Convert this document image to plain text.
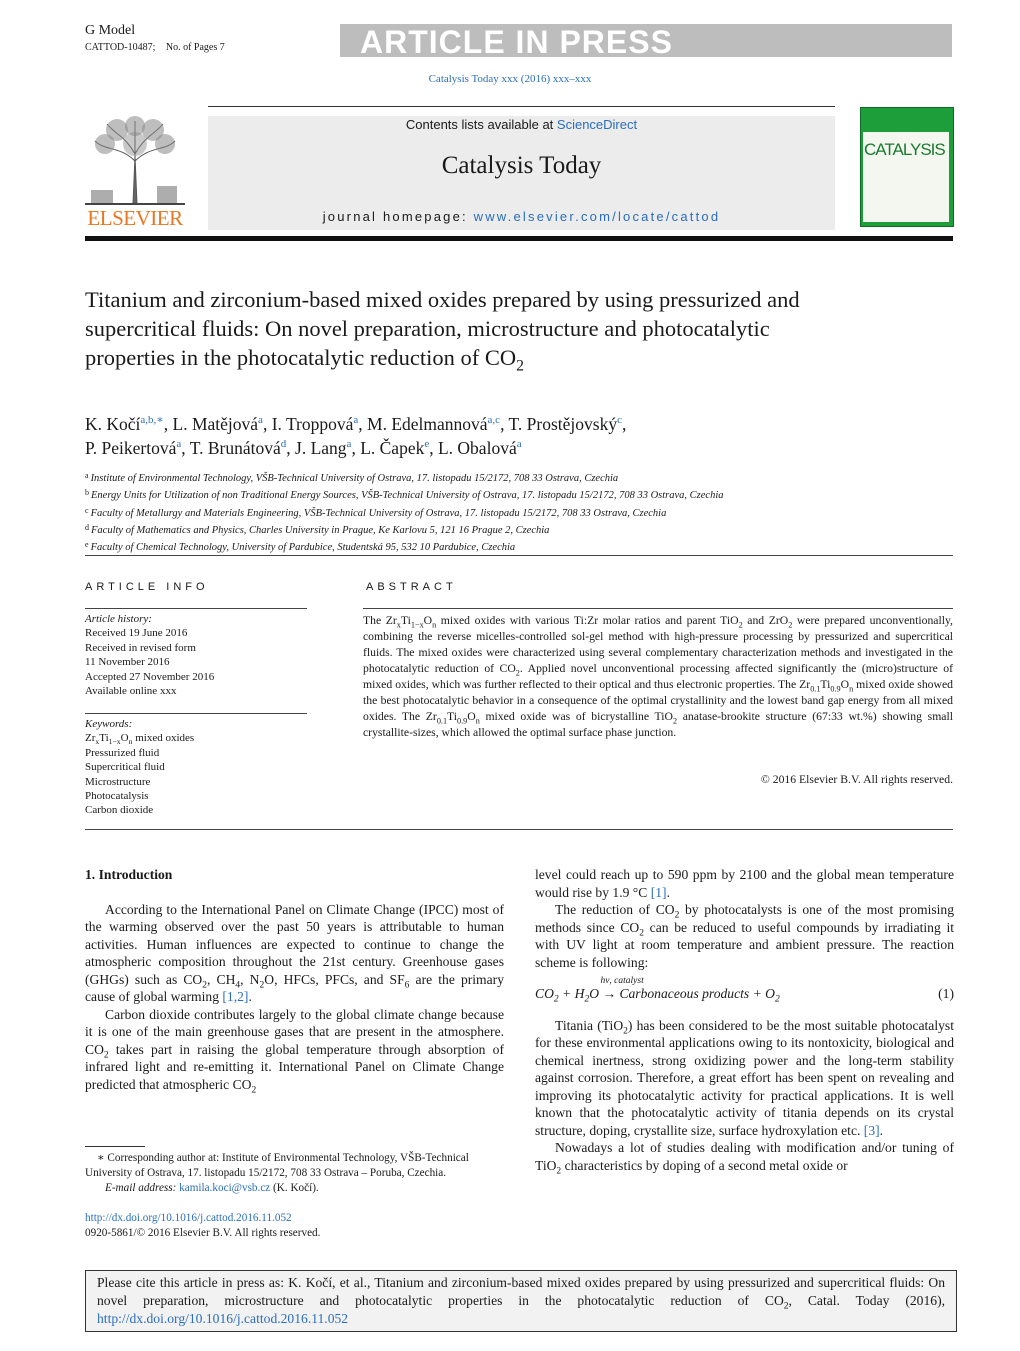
G Model
CATTOD-10487; No. of Pages 7	ARTICLE IN PRESS
Catalysis Today xxx (2016) xxx–xxx
ELSEVIER
Contents lists available at ScienceDirect
Catalysis Today
journal homepage: www.elsevier.com/locate/cattod
CATALYSIS
Titanium and zirconium-based mixed oxides prepared by using pressurized and supercritical fluids: On novel preparation, microstructure and photocatalytic properties in the photocatalytic reduction of $CO_2$
K. Kočí$^{a,b,∗}$, L. Matějová$^a$, I. Troppová$^a$, M. Edelmannová$^{a,c}$, T. Prostějovský$^c$,
P. Peikertová$^a$, T. Brunátová$^d$, J. Lang$^a$, L. Čapek$^e$, L. Obalová$^a$
$^a$ Institute of Environmental Technology, VŠB-Technical University of Ostrava, 17. listopadu 15/2172, 708 33 Ostrava, Czechia
$^b$ Energy Units for Utilization of non Traditional Energy Sources, VŠB-Technical University of Ostrava, 17. listopadu 15/2172, 708 33 Ostrava, Czechia
$^c$ Faculty of Metallurgy and Materials Engineering, VŠB-Technical University of Ostrava, 17. listopadu 15/2172, 708 33 Ostrava, Czechia
$^d$ Faculty of Mathematics and Physics, Charles University in Prague, Ke Karlovu 5, 121 16 Prague 2, Czechia
$^e$ Faculty of Chemical Technology, University of Pardubice, Studentská 95, 532 10 Pardubice, Czechia
ARTICLE INFO
Article history:
Received 19 June 2016
Received in revised form
11 November 2016
Accepted 27 November 2016
Available online xxx
Keywords:
$Zr_xTi_{1-x}O_n$ mixed oxides
Pressurized fluid
Supercritical fluid
Microstructure
Photocatalysis
Carbon dioxide
ABSTRACT
The $Zr_xTi_{1-x}O_n$ mixed oxides with various Ti:Zr molar ratios and parent TiO$_2$ and ZrO$_2$ were prepared unconventionally, combining the reverse micelles-controlled sol-gel method with high-pressure processing by pressurized and supercritical fluids. The mixed oxides were characterized using several complementary characterization methods and investigated in the photocatalytic reduction of $CO_2$. Applied novel unconventional processing affected significantly the (micro)structure of mixed oxides, which was further reflected to their optical and thus electronic properties. The $Zr_{0.1}Ti_{0.9}O_n$ mixed oxide showed the best photocatalytic behavior in a consequence of the optimal crystallinity and the lowest band gap energy from all mixed oxides. The $Zr_{0.1}Ti_{0.9}O_n$ mixed oxide was of bicrystalline TiO$_2$ anatase-brookite structure (67:33 wt.%) showing small crystallite-sizes, which allowed the optimal surface phase junction.
© 2016 Elsevier B.V. All rights reserved.
1. Introduction

According to the International Panel on Climate Change (IPCC) most of the warming observed over the past 50 years is attributable to human activities. Human influences are expected to continue to change the atmospheric composition throughout the 21st century. Greenhouse gases (GHGs) such as $CO_2$, $CH_4$, $N_2O$, HFCs, PFCs, and $SF_6$ are the primary cause of global warming [1,2].

Carbon dioxide contributes largely to the global climate change because it is one of the main greenhouse gases that are present in the atmosphere. $CO_2$ takes part in raising the global temperature through absorption of infrared light and re-emitting it. International Panel on Climate Change predicted that atmospheric $CO_2$

level could reach up to 590 ppm by 2100 and the global mean temperature would rise by 1.9 °C [1].

The reduction of $CO_2$ by photocatalysts is one of the most promising methods since $CO_2$ can be reduced to useful compounds by irradiating it with UV light at room temperature and ambient pressure. The reaction scheme is following:

$CO_2 + H_2O$
hν, catalyst
→ Carbonaceous products + $O_2$	(1)

Titania (TiO$_2$) has been considered to be the most suitable photocatalyst for these environmental applications owing to its nontoxicity, biological and chemical inertness, strong oxidizing power and the long-term stability against corrosion. Therefore, a great effort has been spent on revealing and improving its photocatalytic activity for practical applications. It is well known that the photocatalytic activity of titania depends on its crystal structure, doping, crystallite size, surface hydroxylation etc. [3].

Nowadays a lot of studies dealing with modification and/or tuning of TiO$_2$ characteristics by doping of a second metal oxide or

∗ Corresponding author at: Institute of Environmental Technology, VŠB-Technical University of Ostrava, 17. listopadu 15/2172, 708 33 Ostrava – Poruba, Czechia.
E-mail address: kamila.koci@vsb.cz (K. Kočí).
http://dx.doi.org/10.1016/j.cattod.2016.11.052
0920-5861/© 2016 Elsevier B.V. All rights reserved.
Please cite this article in press as: K. Kočí, et al., Titanium and zirconium-based mixed oxides prepared by using pressurized and supercritical fluids: On novel preparation, microstructure and photocatalytic properties in the photocatalytic reduction of $CO_2$, Catal. Today (2016), http://dx.doi.org/10.1016/j.cattod.2016.11.052
